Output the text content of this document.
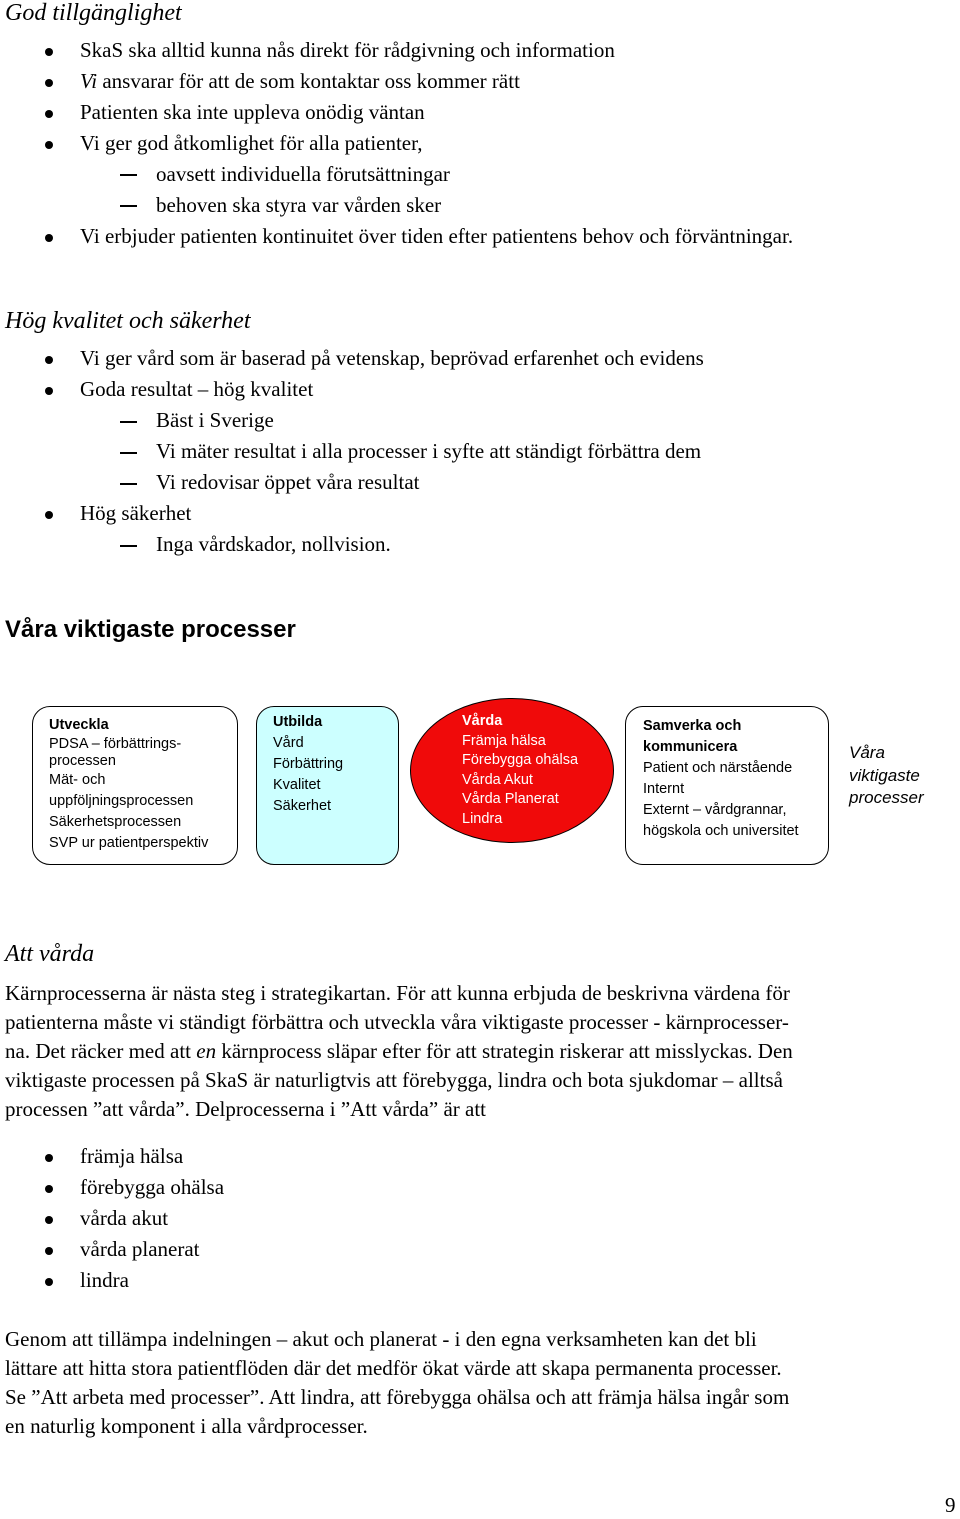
God tillgänglighet
SkaS ska alltid kunna nås direkt för rådgivning och information
Vi ansvarar för att de som kontaktar oss kommer rätt
Patienten ska inte uppleva onödig väntan
Vi ger god åtkomlighet för alla patienter,
oavsett individuella förutsättningar
behoven ska styra var vården sker
Vi erbjuder patienten kontinuitet över tiden efter patientens behov och förväntningar.
Hög kvalitet och säkerhet
Vi ger vård som är baserad på vetenskap, beprövad erfarenhet och evidens
Goda resultat – hög kvalitet
Bäst i Sverige
Vi mäter resultat i alla processer i syfte att ständigt förbättra dem
Vi redovisar öppet våra resultat
Hög säkerhet
Inga vårdskador, nollvision.
Våra viktigaste processer
Utveckla
PDSA – förbättrings-
processen
Mät- och
uppföljningsprocessen
Säkerhetsprocessen
SVP ur patientperspektiv
Utbilda
Vård
Förbättring
Kvalitet
Säkerhet
Vårda
Främja hälsa
Förebygga ohälsa
Vårda Akut
Vårda Planerat
Lindra
Samverka och
kommunicera
Patient och närstående
Internt
Externt – vårdgrannar,
högskola och universitet
Våra
viktigaste
processer
Att vårda
Kärnprocesserna är nästa steg i strategikartan. För att kunna erbjuda de beskrivna värdena för
patienterna måste vi ständigt förbättra och utveckla våra viktigaste processer - kärnprocesser-
na. Det räcker med att en kärnprocess släpar efter för att strategin riskerar att misslyckas. Den
viktigaste processen på SkaS är naturligtvis att förebygga, lindra och bota sjukdomar – alltså
processen ”att vårda”. Delprocesserna i ”Att vårda” är att
främja hälsa
förebygga ohälsa
vårda akut
vårda planerat
lindra
Genom att tillämpa indelningen – akut och planerat - i den egna verksamheten kan det bli
lättare att hitta stora patientflöden där det medför ökat värde att skapa permanenta processer.
Se ”Att arbeta med processer”. Att lindra, att förebygga ohälsa och att främja hälsa ingår som
en naturlig komponent i alla vårdprocesser.
9
